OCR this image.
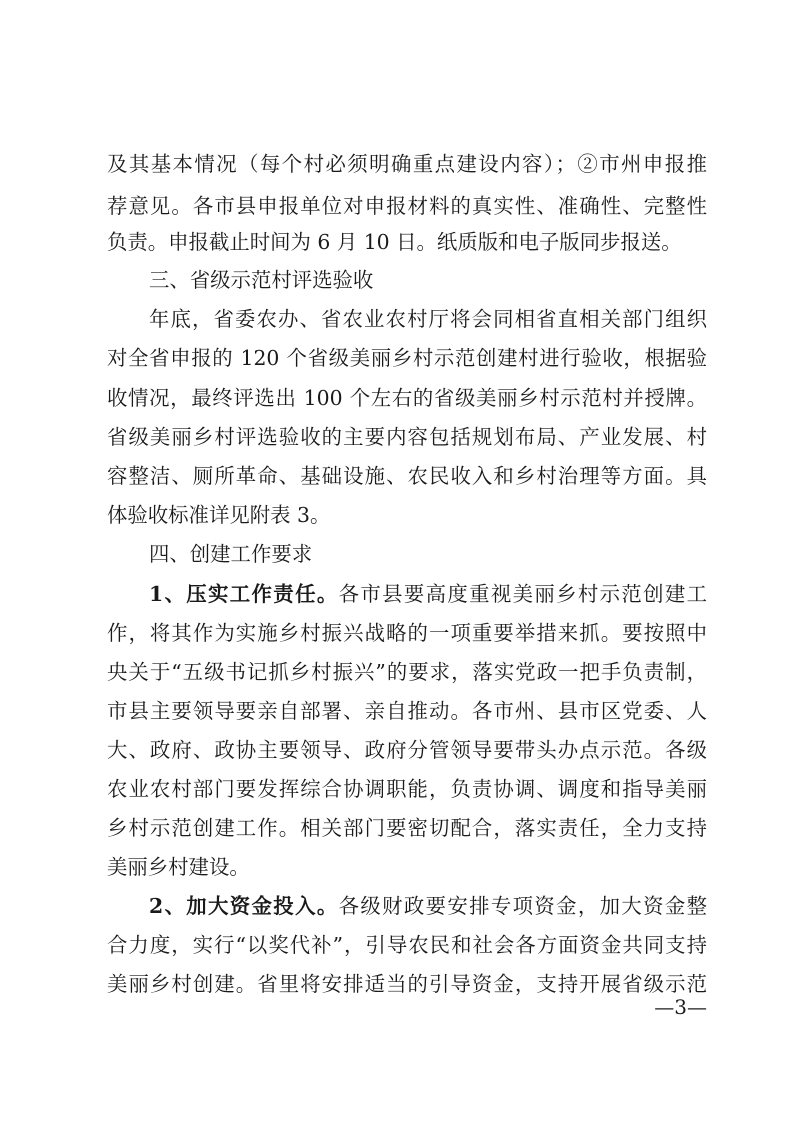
及其基本情况（每个村必须明确重点建设内容）；②市州申报推
荐意见。各市县申报单位对申报材料的真实性、准确性、完整性
负责。申报截止时间为 6 月 10 日。纸质版和电子版同步报送。
三、省级示范村评选验收
年底，省委农办、省农业农村厅将会同相省直相关部门组织
对全省申报的 120 个省级美丽乡村示范创建村进行验收，根据验
收情况，最终评选出 100 个左右的省级美丽乡村示范村并授牌。
省级美丽乡村评选验收的主要内容包括规划布局、产业发展、村
容整洁、厕所革命、基础设施、农民收入和乡村治理等方面。具
体验收标准详见附表 3。
四、创建工作要求
1、压实工作责任。各市县要高度重视美丽乡村示范创建工
作，将其作为实施乡村振兴战略的一项重要举措来抓。要按照中
央关于“五级书记抓乡村振兴”的要求，落实党政一把手负责制，
市县主要领导要亲自部署、亲自推动。各市州、县市区党委、人
大、政府、政协主要领导、政府分管领导要带头办点示范。各级
农业农村部门要发挥综合协调职能，负责协调、调度和指导美丽
乡村示范创建工作。相关部门要密切配合，落实责任，全力支持
美丽乡村建设。
2、加大资金投入。各级财政要安排专项资金，加大资金整
合力度，实行“以奖代补”，引导农民和社会各方面资金共同支持
美丽乡村创建。省里将安排适当的引导资金，支持开展省级示范
—3—
